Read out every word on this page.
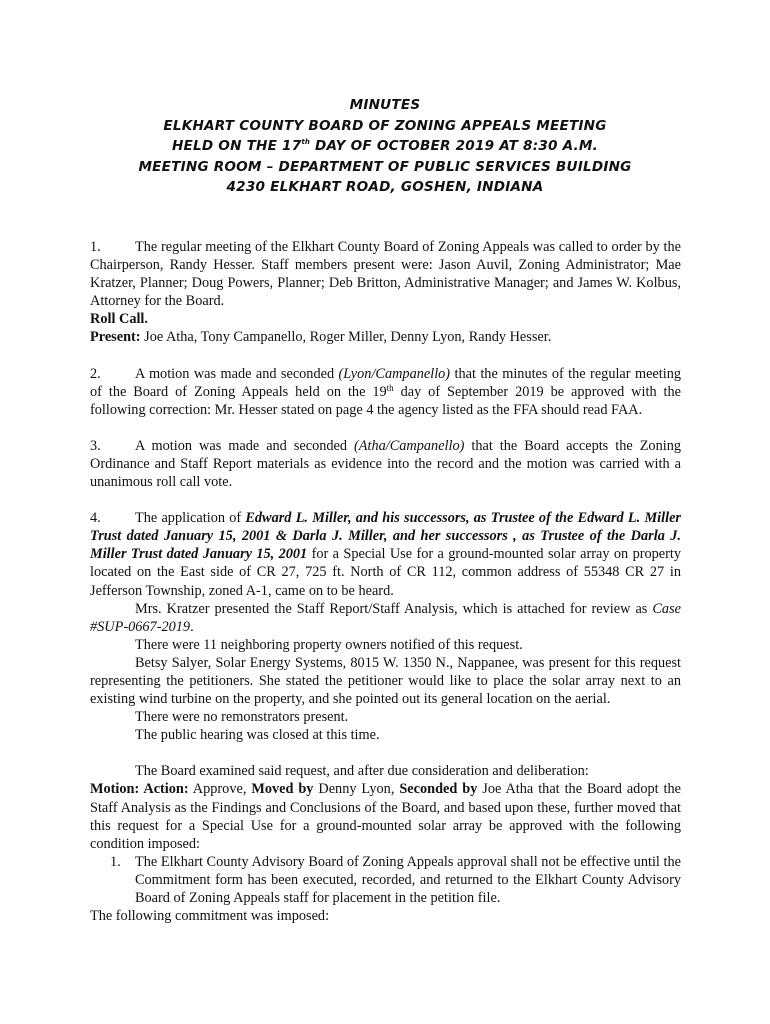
MINUTES
ELKHART COUNTY BOARD OF ZONING APPEALS MEETING
HELD ON THE 17th DAY OF OCTOBER 2019 AT 8:30 A.M.
MEETING ROOM – DEPARTMENT OF PUBLIC SERVICES BUILDING
4230 ELKHART ROAD, GOSHEN, INDIANA

1. The regular meeting of the Elkhart County Board of Zoning Appeals was called to order by the Chairperson, Randy Hesser. Staff members present were: Jason Auvil, Zoning Administrator; Mae Kratzer, Planner; Doug Powers, Planner; Deb Britton, Administrative Manager; and James W. Kolbus, Attorney for the Board.

Roll Call.

Present: Joe Atha, Tony Campanello, Roger Miller, Denny Lyon, Randy Hesser.

2. A motion was made and seconded (Lyon/Campanello) that the minutes of the regular meeting of the Board of Zoning Appeals held on the 19th day of September 2019 be approved with the following correction: Mr. Hesser stated on page 4 the agency listed as the FFA should read FAA.

3. A motion was made and seconded (Atha/Campanello) that the Board accepts the Zoning Ordinance and Staff Report materials as evidence into the record and the motion was carried with a unanimous roll call vote.

4. The application of Edward L. Miller, and his successors, as Trustee of the Edward L. Miller Trust dated January 15, 2001 & Darla J. Miller, and her successors , as Trustee of the Darla J. Miller Trust dated January 15, 2001 for a Special Use for a ground-mounted solar array on property located on the East side of CR 27, 725 ft. North of CR 112, common address of 55348 CR 27 in Jefferson Township, zoned A-1, came on to be heard.

Mrs. Kratzer presented the Staff Report/Staff Analysis, which is attached for review as Case #SUP-0667-2019.

There were 11 neighboring property owners notified of this request.

Betsy Salyer, Solar Energy Systems, 8015 W. 1350 N., Nappanee, was present for this request representing the petitioners. She stated the petitioner would like to place the solar array next to an existing wind turbine on the property, and she pointed out its general location on the aerial.

There were no remonstrators present.

The public hearing was closed at this time.

The Board examined said request, and after due consideration and deliberation:

Motion: Action: Approve, Moved by Denny Lyon, Seconded by Joe Atha that the Board adopt the Staff Analysis as the Findings and Conclusions of the Board, and based upon these, further moved that this request for a Special Use for a ground-mounted solar array be approved with the following condition imposed:

1. The Elkhart County Advisory Board of Zoning Appeals approval shall not be effective until the Commitment form has been executed, recorded, and returned to the Elkhart County Advisory Board of Zoning Appeals staff for placement in the petition file.

The following commitment was imposed:
